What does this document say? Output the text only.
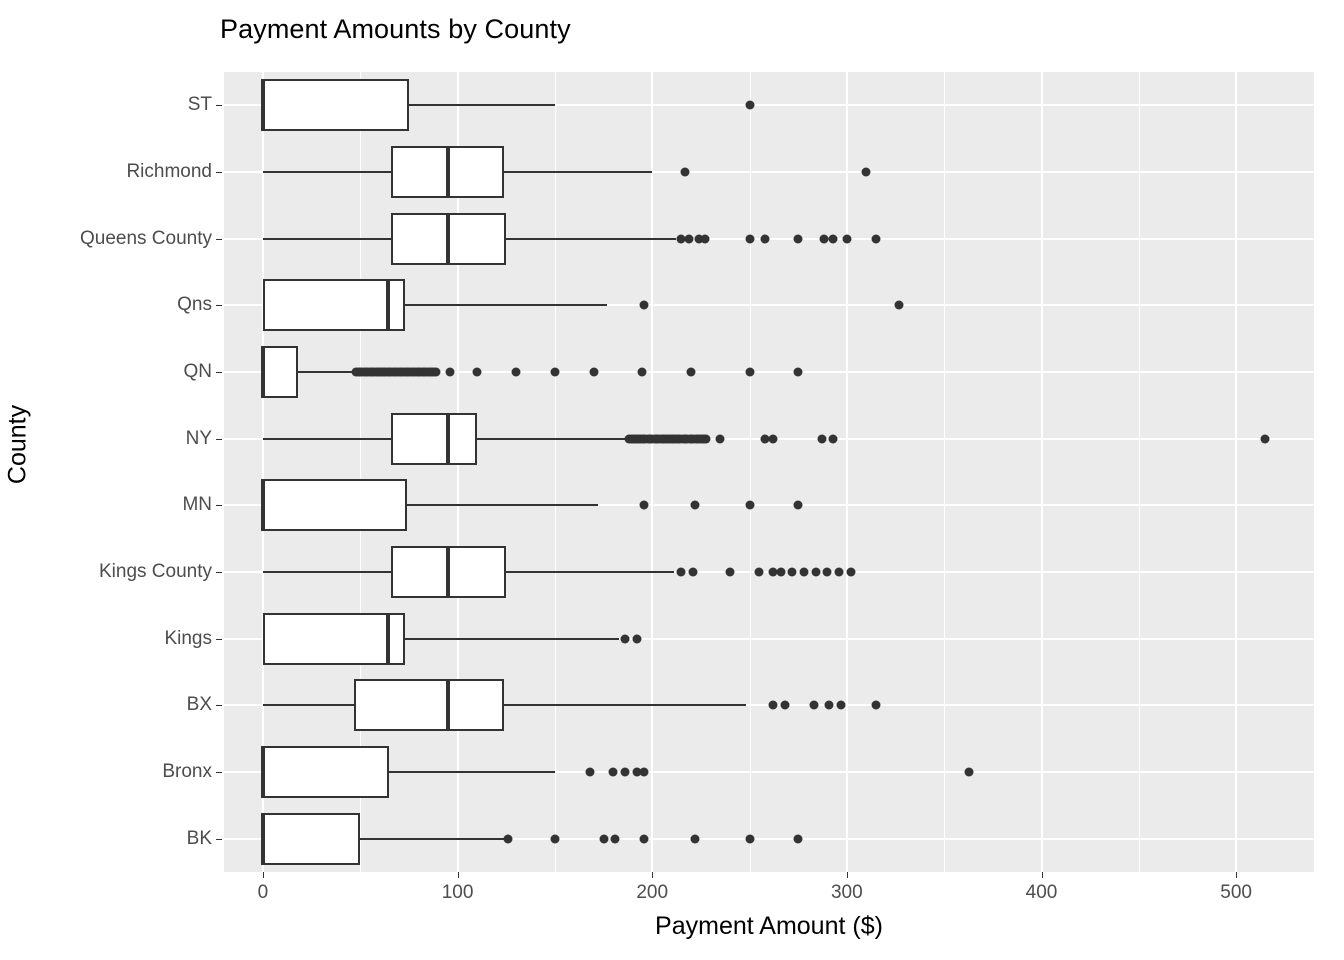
Payment Amounts by County
BK
Bronx
BX
Kings
Kings County
MN
NY
QN
Qns
Queens County
Richmond
ST
Payment Amount ($)
County
0	100	200	300	400	500
